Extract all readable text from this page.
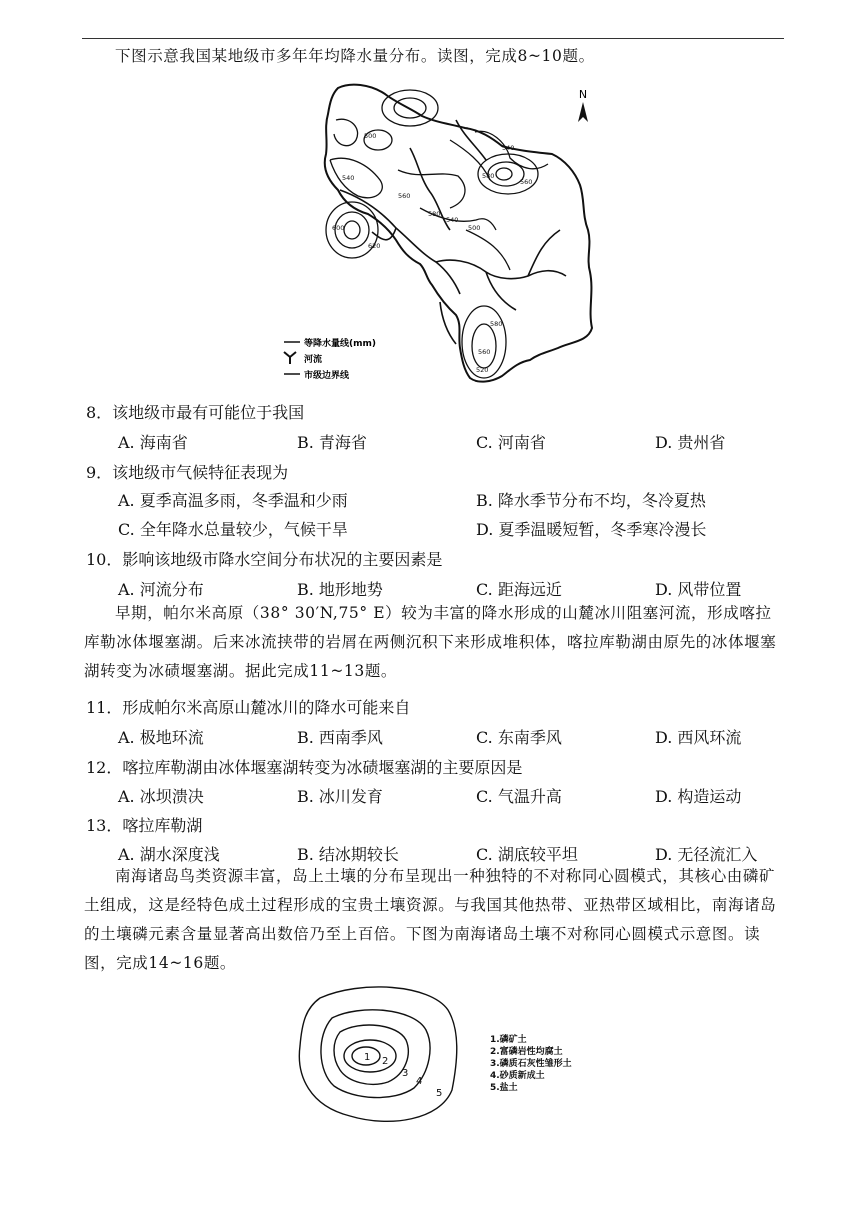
下图示意我国某地级市多年年均降水量分布。读图，完成8~10题。

N
500
540
560
580
600
620
540
560
580
500
540
580
560
520
等降水量线(mm)
河流
市级边界线
8．该地级市最有可能位于我国
A. 海南省	B. 青海省	C. 河南省	D. 贵州省
9．该地级市气候特征表现为
A. 夏季高温多雨，冬季温和少雨	B. 降水季节分布不均，冬冷夏热
C. 全年降水总量较少，气候干旱	D. 夏季温暖短暂，冬季寒冷漫长
10．影响该地级市降水空间分布状况的主要因素是
A. 河流分布	B. 地形地势	C. 距海远近	D. 风带位置

早期，帕尔米高原（38° 30′N,75° E）较为丰富的降水形成的山麓冰川阻塞河流，形成喀拉库勒冰体堰塞湖。后来冰流挟带的岩屑在两侧沉积下来形成堆积体，喀拉库勒湖由原先的冰体堰塞湖转变为冰碛堰塞湖。据此完成11~13题。

11．形成帕尔米高原山麓冰川的降水可能来自
A. 极地环流	B. 西南季风	C. 东南季风	D. 西风环流
12．喀拉库勒湖由冰体堰塞湖转变为冰碛堰塞湖的主要原因是
A. 冰坝溃决	B. 冰川发育	C. 气温升高	D. 构造运动
13．喀拉库勒湖
A. 湖水深度浅	B. 结冰期较长	C. 湖底较平坦	D. 无径流汇入

南海诸岛鸟类资源丰富，岛上土壤的分布呈现出一种独特的不对称同心圆模式，其核心由磷矿土组成，这是经特色成土过程形成的宝贵土壤资源。与我国其他热带、亚热带区域相比，南海诸岛的土壤磷元素含量显著高出数倍乃至上百倍。下图为南海诸岛土壤不对称同心圆模式示意图。读图，完成14~16题。

1 2
3
4
5
1.磷矿土
2.富磷岩性均腐土
3.磷质石灰性雏形土
4.砂质新成土
5.盐土
